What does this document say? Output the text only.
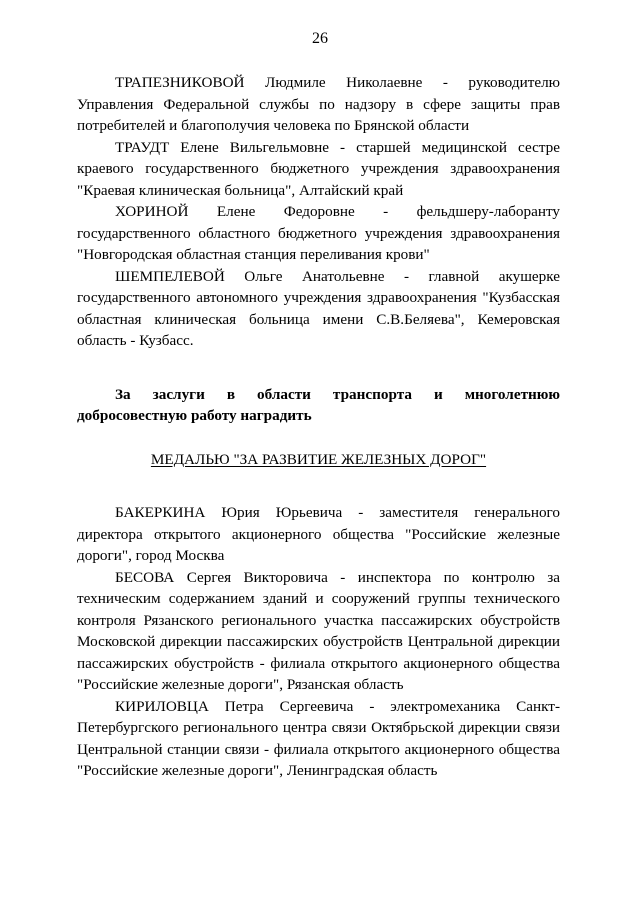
26

ТРАПЕЗНИКОВОЙ Людмиле Николаевне - руководителю Управления Федеральной службы по надзору в сфере защиты прав потребителей и благополучия человека по Брянской области

ТРАУДТ Елене Вильгельмовне - старшей медицинской сестре краевого государственного бюджетного учреждения здравоохранения "Краевая клиническая больница", Алтайский край

ХОРИНОЙ Елене Федоровне - фельдшеру-лаборанту государственного областного бюджетного учреждения здравоохранения "Новгородская областная станция переливания крови"

ШЕМПЕЛЕВОЙ Ольге Анатольевне - главной акушерке государственного автономного учреждения здравоохранения "Кузбасская областная клиническая больница имени С.В.Беляева", Кемеровская область - Кузбасс.

За заслуги в области транспорта и многолетнюю добросовестную работу наградить

МЕДАЛЬЮ "ЗА РАЗВИТИЕ ЖЕЛЕЗНЫХ ДОРОГ"

БАКЕРКИНА Юрия Юрьевича - заместителя генерального директора открытого акционерного общества "Российские железные дороги", город Москва

БЕСОВА Сергея Викторовича - инспектора по контролю за техническим содержанием зданий и сооружений группы технического контроля Рязанского регионального участка пассажирских обустройств Московской дирекции пассажирских обустройств Центральной дирекции пассажирских обустройств - филиала открытого акционерного общества "Российские железные дороги", Рязанская область

КИРИЛОВЦА Петра Сергеевича - электромеханика Санкт-Петербургского регионального центра связи Октябрьской дирекции связи Центральной станции связи - филиала открытого акционерного общества "Российские железные дороги", Ленинградская область
